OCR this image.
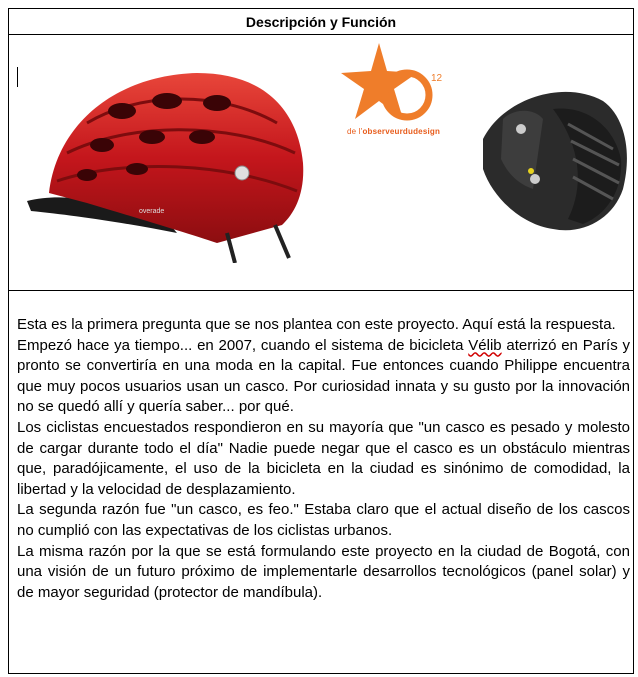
Descripción y Función
overade
12
de l'observeurdudesign

Esta es la primera pregunta que se nos plantea con este proyecto. Aquí está la respuesta.

Empezó hace ya tiempo... en 2007, cuando el sistema de bicicleta Vélib aterrizó en París y pronto se convertiría en una moda en la capital. Fue entonces cuando Philippe encuentra que muy pocos usuarios usan un casco. Por curiosidad innata y su gusto por la innovación no se quedó allí y quería saber... por qué.

Los ciclistas encuestados respondieron en su mayoría que "un casco es pesado y molesto de cargar durante todo el día" Nadie puede negar que el casco es un obstáculo mientras que, paradójicamente, el uso de la bicicleta en la ciudad es sinónimo de comodidad, la libertad y la velocidad de desplazamiento.

La segunda razón fue "un casco, es feo." Estaba claro que el actual diseño de los cascos no cumplió con las expectativas de los ciclistas urbanos.

La misma razón por la que se está formulando este proyecto en la ciudad de Bogotá, con una visión de un futuro próximo de implementarle desarrollos tecnológicos (panel solar) y de mayor seguridad (protector de mandíbula).
